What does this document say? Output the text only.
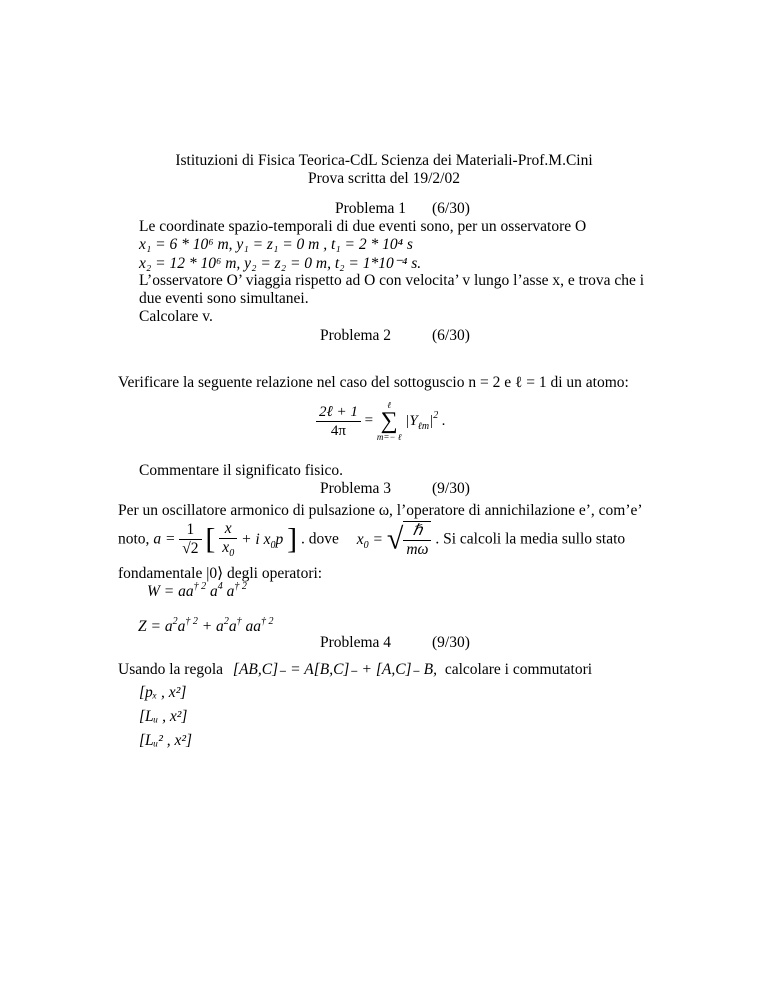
Istituzioni di Fisica Teorica-CdL Scienza dei Materiali-Prof.M.Cini
Prova scritta del 19/2/02
Problema 1 (6/30)
Le coordinate spazio-temporali di due eventi sono, per un osservatore O
x₁ = 6 * 10⁶ m, y₁ = z₁ = 0 m , t₁ = 2 * 10⁴ s
x₂ = 12 * 10⁶ m, y₂ = z₂ = 0 m, t₂ = 1*10⁻⁴ s.
L’osservatore O’ viaggia rispetto ad O con velocita’ v lungo l’asse x, e trova che i
due eventi sono simultanei.
Calcolare v.
Problema 2	(6/30)
Verificare la seguente relazione nel caso del sottoguscio n = 2 e ℓ = 1 di un atomo:
$\frac{\text{2ℓ + 1}}{4\pi}$ =
ℓ
∑
m=− ℓ
$|Y_{\ell m}|^2$ .
Commentare il significato fisico.
Problema 3	(9/30)
Per un oscillatore armonico di pulsazione ω, l’operatore di annichilazione e’, com’e’
noto, $a = \frac{1}{√2}$ [ $\frac{x}{x_0} + i$ $x_0p$ ] . dove $x_0$ = √ $\frac{\text{ℏ}}{m\omega}$ . Si calcoli la media sullo stato
fondamentale |0⟩ degli operatori:
$W = aa^{\dagger 2}$ $a^4$ $a^{\dagger 2}$
$Z = a^2a^{\dagger 2} + a^2a^\dagger$ $aa^{\dagger 2}$
Problema 4	(9/30)
Usando la regola [AB,C]₋ = A[B,C]₋ + [A,C]₋ B, calcolare i commutatori
[pₓ , x²]
[Lᵤ , x²]
[Lᵤ² , x²]
